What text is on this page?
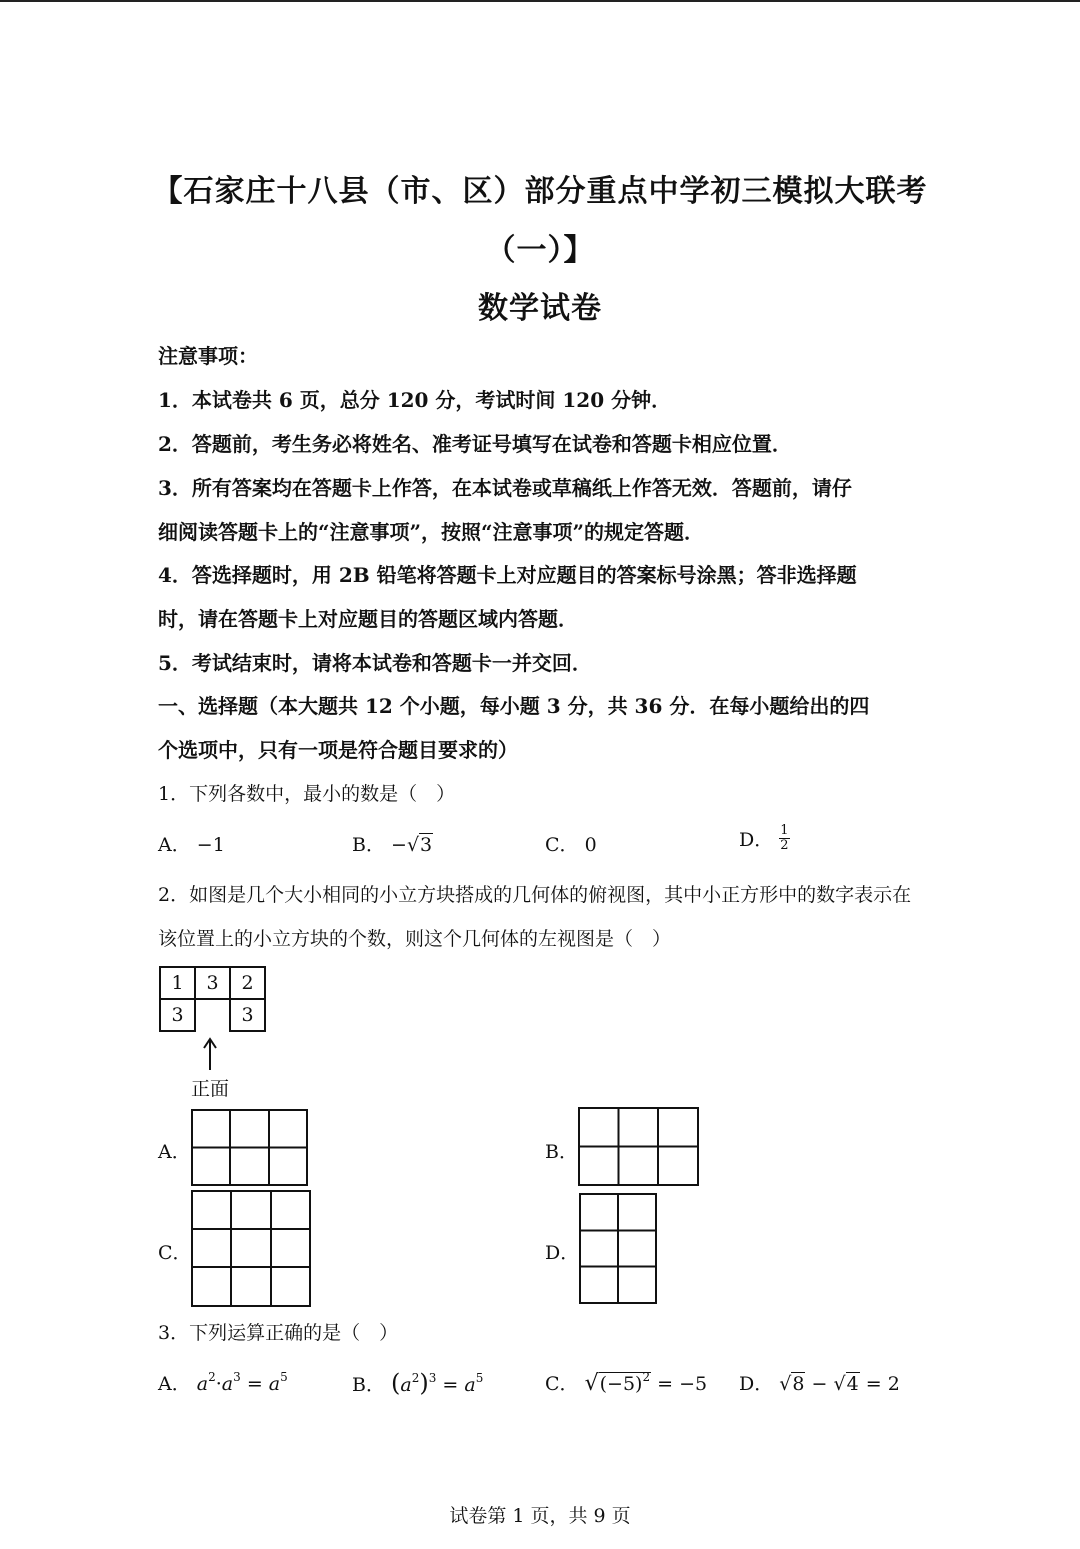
【石家庄十八县（市、区）部分重点中学初三模拟大联考
（一）】
数学试卷
注意事项：
1．本试卷共 6 页，总分 120 分，考试时间 120 分钟．
2．答题前，考生务必将姓名、准考证号填写在试卷和答题卡相应位置．
3．所有答案均在答题卡上作答，在本试卷或草稿纸上作答无效．答题前，请仔
细阅读答题卡上的“注意事项”，按照“注意事项”的规定答题．
4．答选择题时，用 2B 铅笔将答题卡上对应题目的答案标号涂黑；答非选择题
时，请在答题卡上对应题目的答题区域内答题．
5．考试结束时，请将本试卷和答题卡一并交回．
一、选择题（本大题共 12 个小题，每小题 3 分，共 36 分．在每小题给出的四
个选项中，只有一项是符合题目要求的）
1．下列各数中，最小的数是（　）
A． −1	B． −√3	C． 0	D． $\frac{1}{2}$
2．如图是几个大小相同的小立方块搭成的几何体的俯视图，其中小正方形中的数字表示在
该位置上的小立方块的个数，则这个几何体的左视图是（　）
1	3	2
3		3
正面
A．	B．
C．	D．
3．下列运算正确的是（　）
A． $a^2\cdot a^3 = a^5$	B． $(a^2)^3 = a^5$	C． $√(-5)^2 = -5$ D． √8 − √4 = 2
试卷第 1 页，共 9 页
